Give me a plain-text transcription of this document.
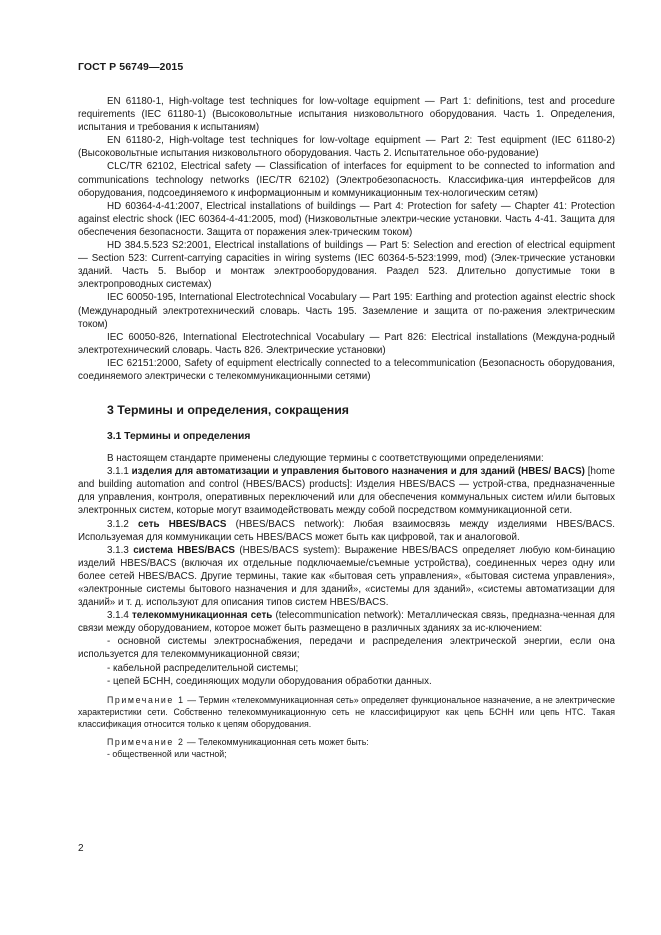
ГОСТ Р 56749—2015

EN 61180-1, High-voltage test techniques for low-voltage equipment — Part 1: definitions, test and procedure requirements (IEC 61180-1) (Высоковольтные испытания низковольтного оборудования. Часть 1. Определения, испытания и требования к испытаниям)

EN 61180-2, High-voltage test techniques for low-voltage equipment — Part 2: Test equipment (IEC 61180-2) (Высоковольтные испытания низковольтного оборудования. Часть 2. Испытательное обо-рудование)

CLC/TR 62102, Electrical safety — Classification of interfaces for equipment to be connected to information and communications technology networks (IEC/TR 62102) (Электробезопасность. Классифика-ция интерфейсов для оборудования, подсоединяемого к информационным и коммуникационным тех-нологическим сетям)

HD 60364-4-41:2007, Electrical installations of buildings — Part 4: Protection for safety — Chapter 41: Protection against electric shock (IEC 60364-4-41:2005, mod) (Низковольтные электри-ческие установки. Часть 4-41. Защита для обеспечения безопасности. Защита от поражения элек-трическим током)

HD 384.5.523 S2:2001, Electrical installations of buildings — Part 5: Selection and erection of electrical equipment — Section 523: Current-carrying capacities in wiring systems (IEC 60364-5-523:1999, mod) (Элек-трические установки зданий. Часть 5. Выбор и монтаж электрооборудования. Раздел 523. Длительно допустимые токи в электропроводных системах)

IEC 60050-195, International Electrotechnical Vocabulary — Part 195: Earthing and protection against electric shock (Международный электротехнический словарь. Часть 195. Заземление и защита от по-ражения электрическим током)

IEC 60050-826, International Electrotechnical Vocabulary — Part 826: Electrical installations (Междуна-родный электротехнический словарь. Часть 826. Электрические установки)

IEC 62151:2000, Safety of equipment electrically connected to a telecommunication (Безопасность оборудования, соединяемого электрически с телекоммуникационными сетями)

3 Термины и определения, сокращения
3.1 Термины и определения

В настоящем стандарте применены следующие термины с соответствующими определениями:

3.1.1 изделия для автоматизации и управления бытового назначения и для зданий (HBES/ BACS) [home and building automation and control (HBES/BACS) products]: Изделия HBES/BACS — устрой-ства, предназначенные для управления, контроля, оперативных переключений или для обеспечения коммунальных систем и/или бытовых электронных систем, которые могут взаимодействовать между собой посредством коммуникационной сети.

3.1.2 сеть HBES/BACS (HBES/BACS network): Любая взаимосвязь между изделиями HBES/BACS. Используемая для коммуникации сеть HBES/BACS может быть как цифровой, так и аналоговой.

3.1.3 система HBES/BACS (HBES/BACS system): Выражение HBES/BACS определяет любую ком-бинацию изделий HBES/BACS (включая их отдельные подключаемые/съемные устройства), соединенных через одну или более сетей HBES/BACS. Другие термины, такие как «бытовая сеть управления», «бытовая система управления», «электронные системы бытового назначения и для зданий», «системы для зданий», «системы автоматизации для зданий» и т. д. используют для описания типов систем HBES/BACS.

3.1.4 телекоммуникационная сеть (telecommunication network): Металлическая связь, предназна-ченная для связи между оборудованием, которое может быть размещено в различных зданиях за ис-ключением:

- основной системы электроснабжения, передачи и распределения электрической энергии, если она используется для телекоммуникационной связи;

- кабельной распределительной системы;

- цепей БСНН, соединяющих модули оборудования обработки данных.

Примечание 1 — Термин «телекоммуникационная сеть» определяет функциональное назначение, а не электрические характеристики сети. Собственно телекоммуникационную сеть не классифицируют как цепь БСНН или цепь НТС. Такая классификация относится только к цепям оборудования.

Примечание 2 — Телекоммуникационная сеть может быть:

- общественной или частной;

2
